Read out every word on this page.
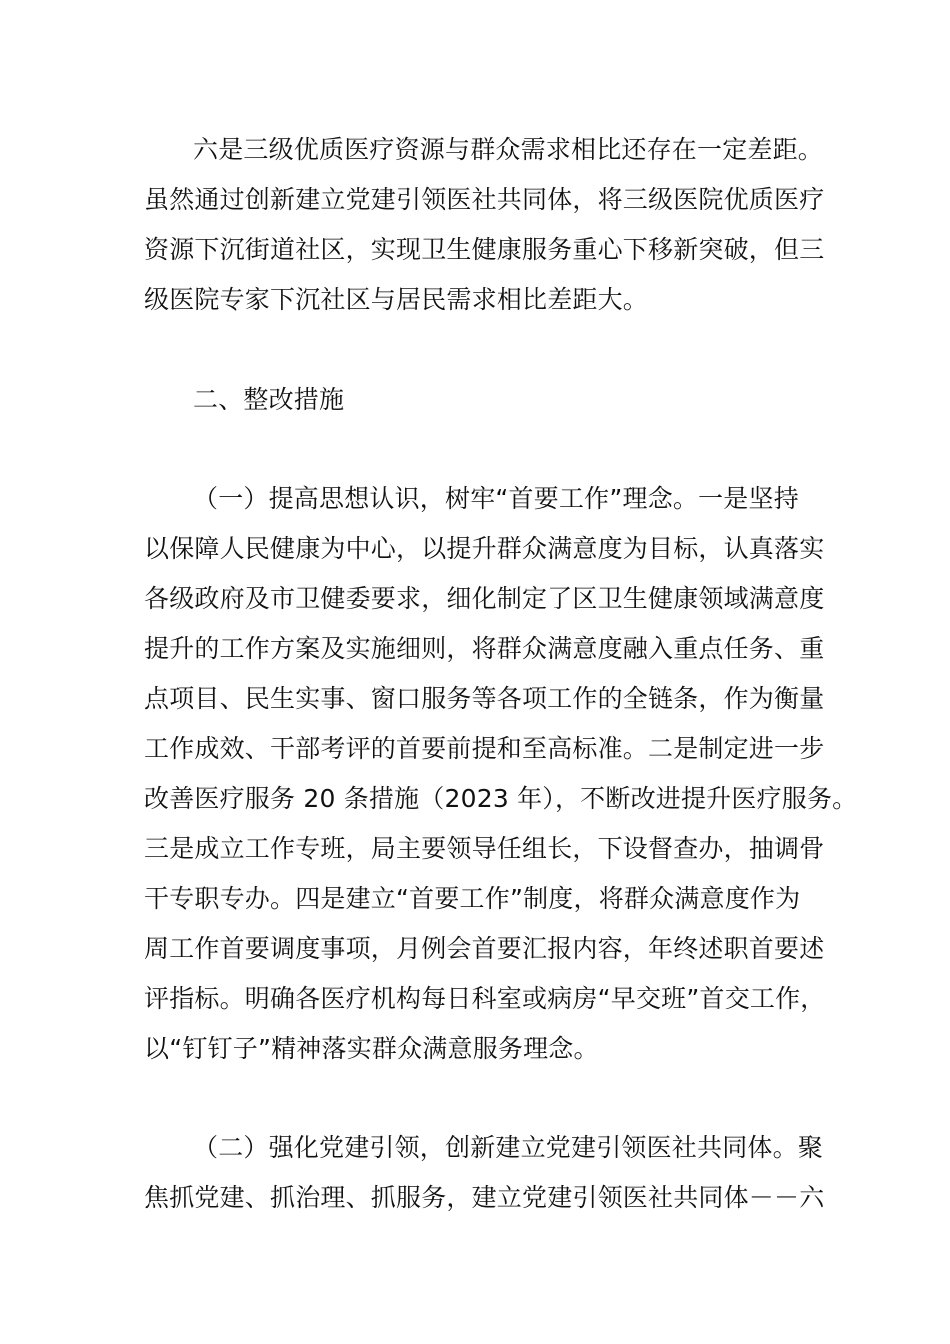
六是三级优质医疗资源与群众需求相比还存在一定差距。
虽然通过创新建立党建引领医社共同体，将三级医院优质医疗
资源下沉街道社区，实现卫生健康服务重心下移新突破，但三
级医院专家下沉社区与居民需求相比差距大。
二、整改措施
（一）提高思想认识，树牢“首要工作”理念。一是坚持
以保障人民健康为中心，以提升群众满意度为目标，认真落实
各级政府及市卫健委要求，细化制定了区卫生健康领域满意度
提升的工作方案及实施细则，将群众满意度融入重点任务、重
点项目、民生实事、窗口服务等各项工作的全链条，作为衡量
工作成效、干部考评的首要前提和至高标准。二是制定进一步
改善医疗服务 20 条措施（2023 年），不断改进提升医疗服务。
三是成立工作专班，局主要领导任组长，下设督查办，抽调骨
干专职专办。四是建立“首要工作”制度，将群众满意度作为
周工作首要调度事项，月例会首要汇报内容，年终述职首要述
评指标。明确各医疗机构每日科室或病房“早交班”首交工作，
以“钉钉子”精神落实群众满意服务理念。
（二）强化党建引领，创新建立党建引领医社共同体。聚
焦抓党建、抓治理、抓服务，建立党建引领医社共同体－－六
